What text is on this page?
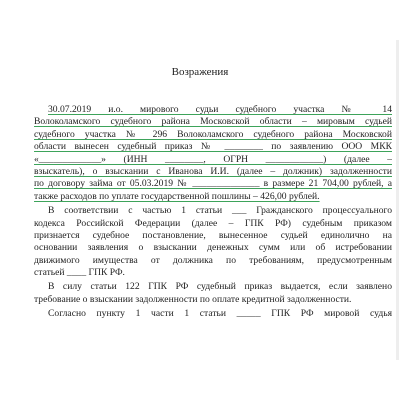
Возражения
30.07.2019 и.о. мирового судьи судебного участка № 14
Волоколамского судебного района Московской области – мировым судьей
судебного участка № 296 Волоколамского судебного района Московской
области вынесен судебный приказ № ________ по заявлению ООО МКК
«_____________» (ИНН ________, ОГРН ____________) (далее –
взыскатель), о взыскании с Иванова И.И. (далее – должник) задолженности
по договору займа от 05.03.2019 № ______________ в размере 21 704,00 рублей, а
также расходов по уплате государственной пошлины – 426,00 рублей.
В соответствии с частью 1 статьи ___ Гражданского процессуального
кодекса Российской Федерации (далее – ГПК РФ) судебным приказом
признается судебное постановление, вынесенное судьей единолично на
основании заявления о взыскании денежных сумм или об истребовании
движимого имущества от должника по требованиям, предусмотренным
статьей ____ ГПК РФ.
В силу статьи 122 ГПК РФ судебный приказ выдается, если заявлено
требование о взыскании задолженности по оплате кредитной задолженности.
Согласно пункту 1 части 1 статьи _____ ГПК РФ мировой судья
